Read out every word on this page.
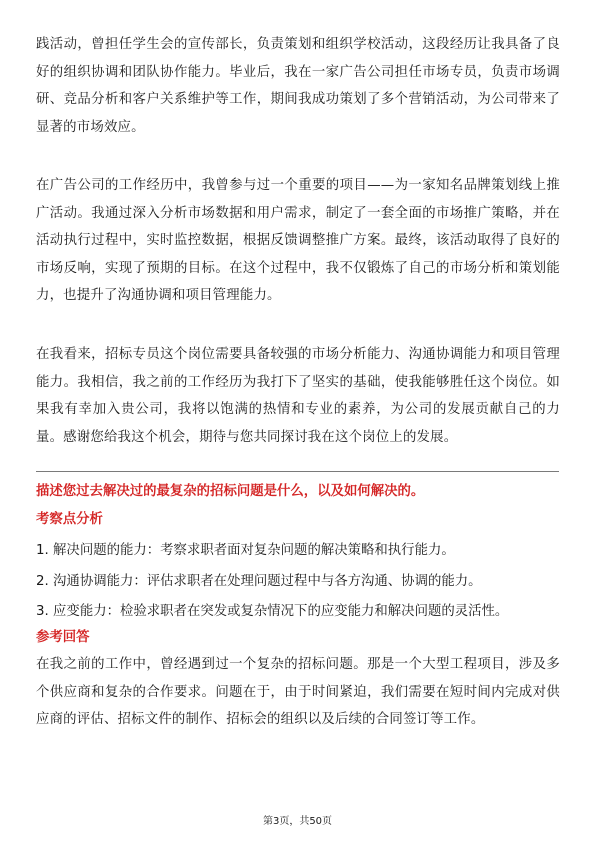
践活动，曾担任学生会的宣传部长，负责策划和组织学校活动，这段经历让我具备了良好的组织协调和团队协作能力。毕业后，我在一家广告公司担任市场专员，负责市场调研、竞品分析和客户关系维护等工作，期间我成功策划了多个营销活动，为公司带来了显著的市场效应。

在广告公司的工作经历中，我曾参与过一个重要的项目——为一家知名品牌策划线上推广活动。我通过深入分析市场数据和用户需求，制定了一套全面的市场推广策略，并在活动执行过程中，实时监控数据，根据反馈调整推广方案。最终，该活动取得了良好的市场反响，实现了预期的目标。在这个过程中，我不仅锻炼了自己的市场分析和策划能力，也提升了沟通协调和项目管理能力。

在我看来，招标专员这个岗位需要具备较强的市场分析能力、沟通协调能力和项目管理能力。我相信，我之前的工作经历为我打下了坚实的基础，使我能够胜任这个岗位。如果我有幸加入贵公司，我将以饱满的热情和专业的素养，为公司的发展贡献自己的力量。感谢您给我这个机会，期待与您共同探讨我在这个岗位上的发展。

描述您过去解决过的最复杂的招标问题是什么，以及如何解决的。

考察点分析

1. 解决问题的能力：考察求职者面对复杂问题的解决策略和执行能力。
2. 沟通协调能力：评估求职者在处理问题过程中与各方沟通、协调的能力。
3. 应变能力：检验求职者在突发或复杂情况下的应变能力和解决问题的灵活性。

参考回答

在我之前的工作中，曾经遇到过一个复杂的招标问题。那是一个大型工程项目，涉及多个供应商和复杂的合作要求。问题在于，由于时间紧迫，我们需要在短时间内完成对供应商的评估、招标文件的制作、招标会的组织以及后续的合同签订等工作。

第3页，共50页
